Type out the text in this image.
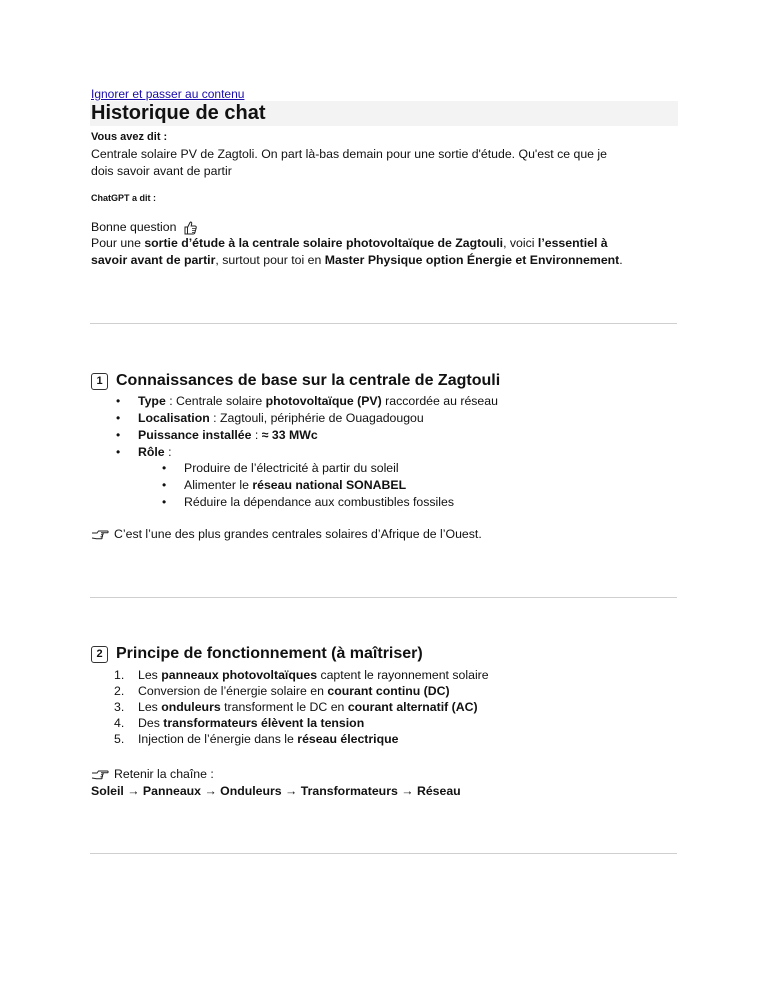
Ignorer et passer au contenu
Historique de chat
Vous avez dit :
Centrale solaire PV de Zagtoli. On part là-bas demain pour une sortie d'étude. Qu'est ce que je
dois savoir avant de partir
ChatGPT a dit :
Bonne question
Pour une sortie d’étude à la centrale solaire photovoltaïque de Zagtouli, voici l’essentiel à
savoir avant de partir, surtout pour toi en Master Physique option Énergie et Environnement.
1 Connaissances de base sur la centrale de Zagtouli
• Type : Centrale solaire photovoltaïque (PV) raccordée au réseau
• Localisation : Zagtouli, périphérie de Ouagadougou
• Puissance installée : ≈ 33 MWc
• Rôle :
• Produire de l’électricité à partir du soleil
• Alimenter le réseau national SONABEL
• Réduire la dépendance aux combustibles fossiles
C’est l’une des plus grandes centrales solaires d’Afrique de l’Ouest.
2 Principe de fonctionnement (à maîtriser)
1. Les panneaux photovoltaïques captent le rayonnement solaire
2. Conversion de l’énergie solaire en courant continu (DC)
3. Les onduleurs transforment le DC en courant alternatif (AC)
4. Des transformateurs élèvent la tension
5. Injection de l’énergie dans le réseau électrique
Retenir la chaîne :
Soleil → Panneaux → Onduleurs → Transformateurs → Réseau
